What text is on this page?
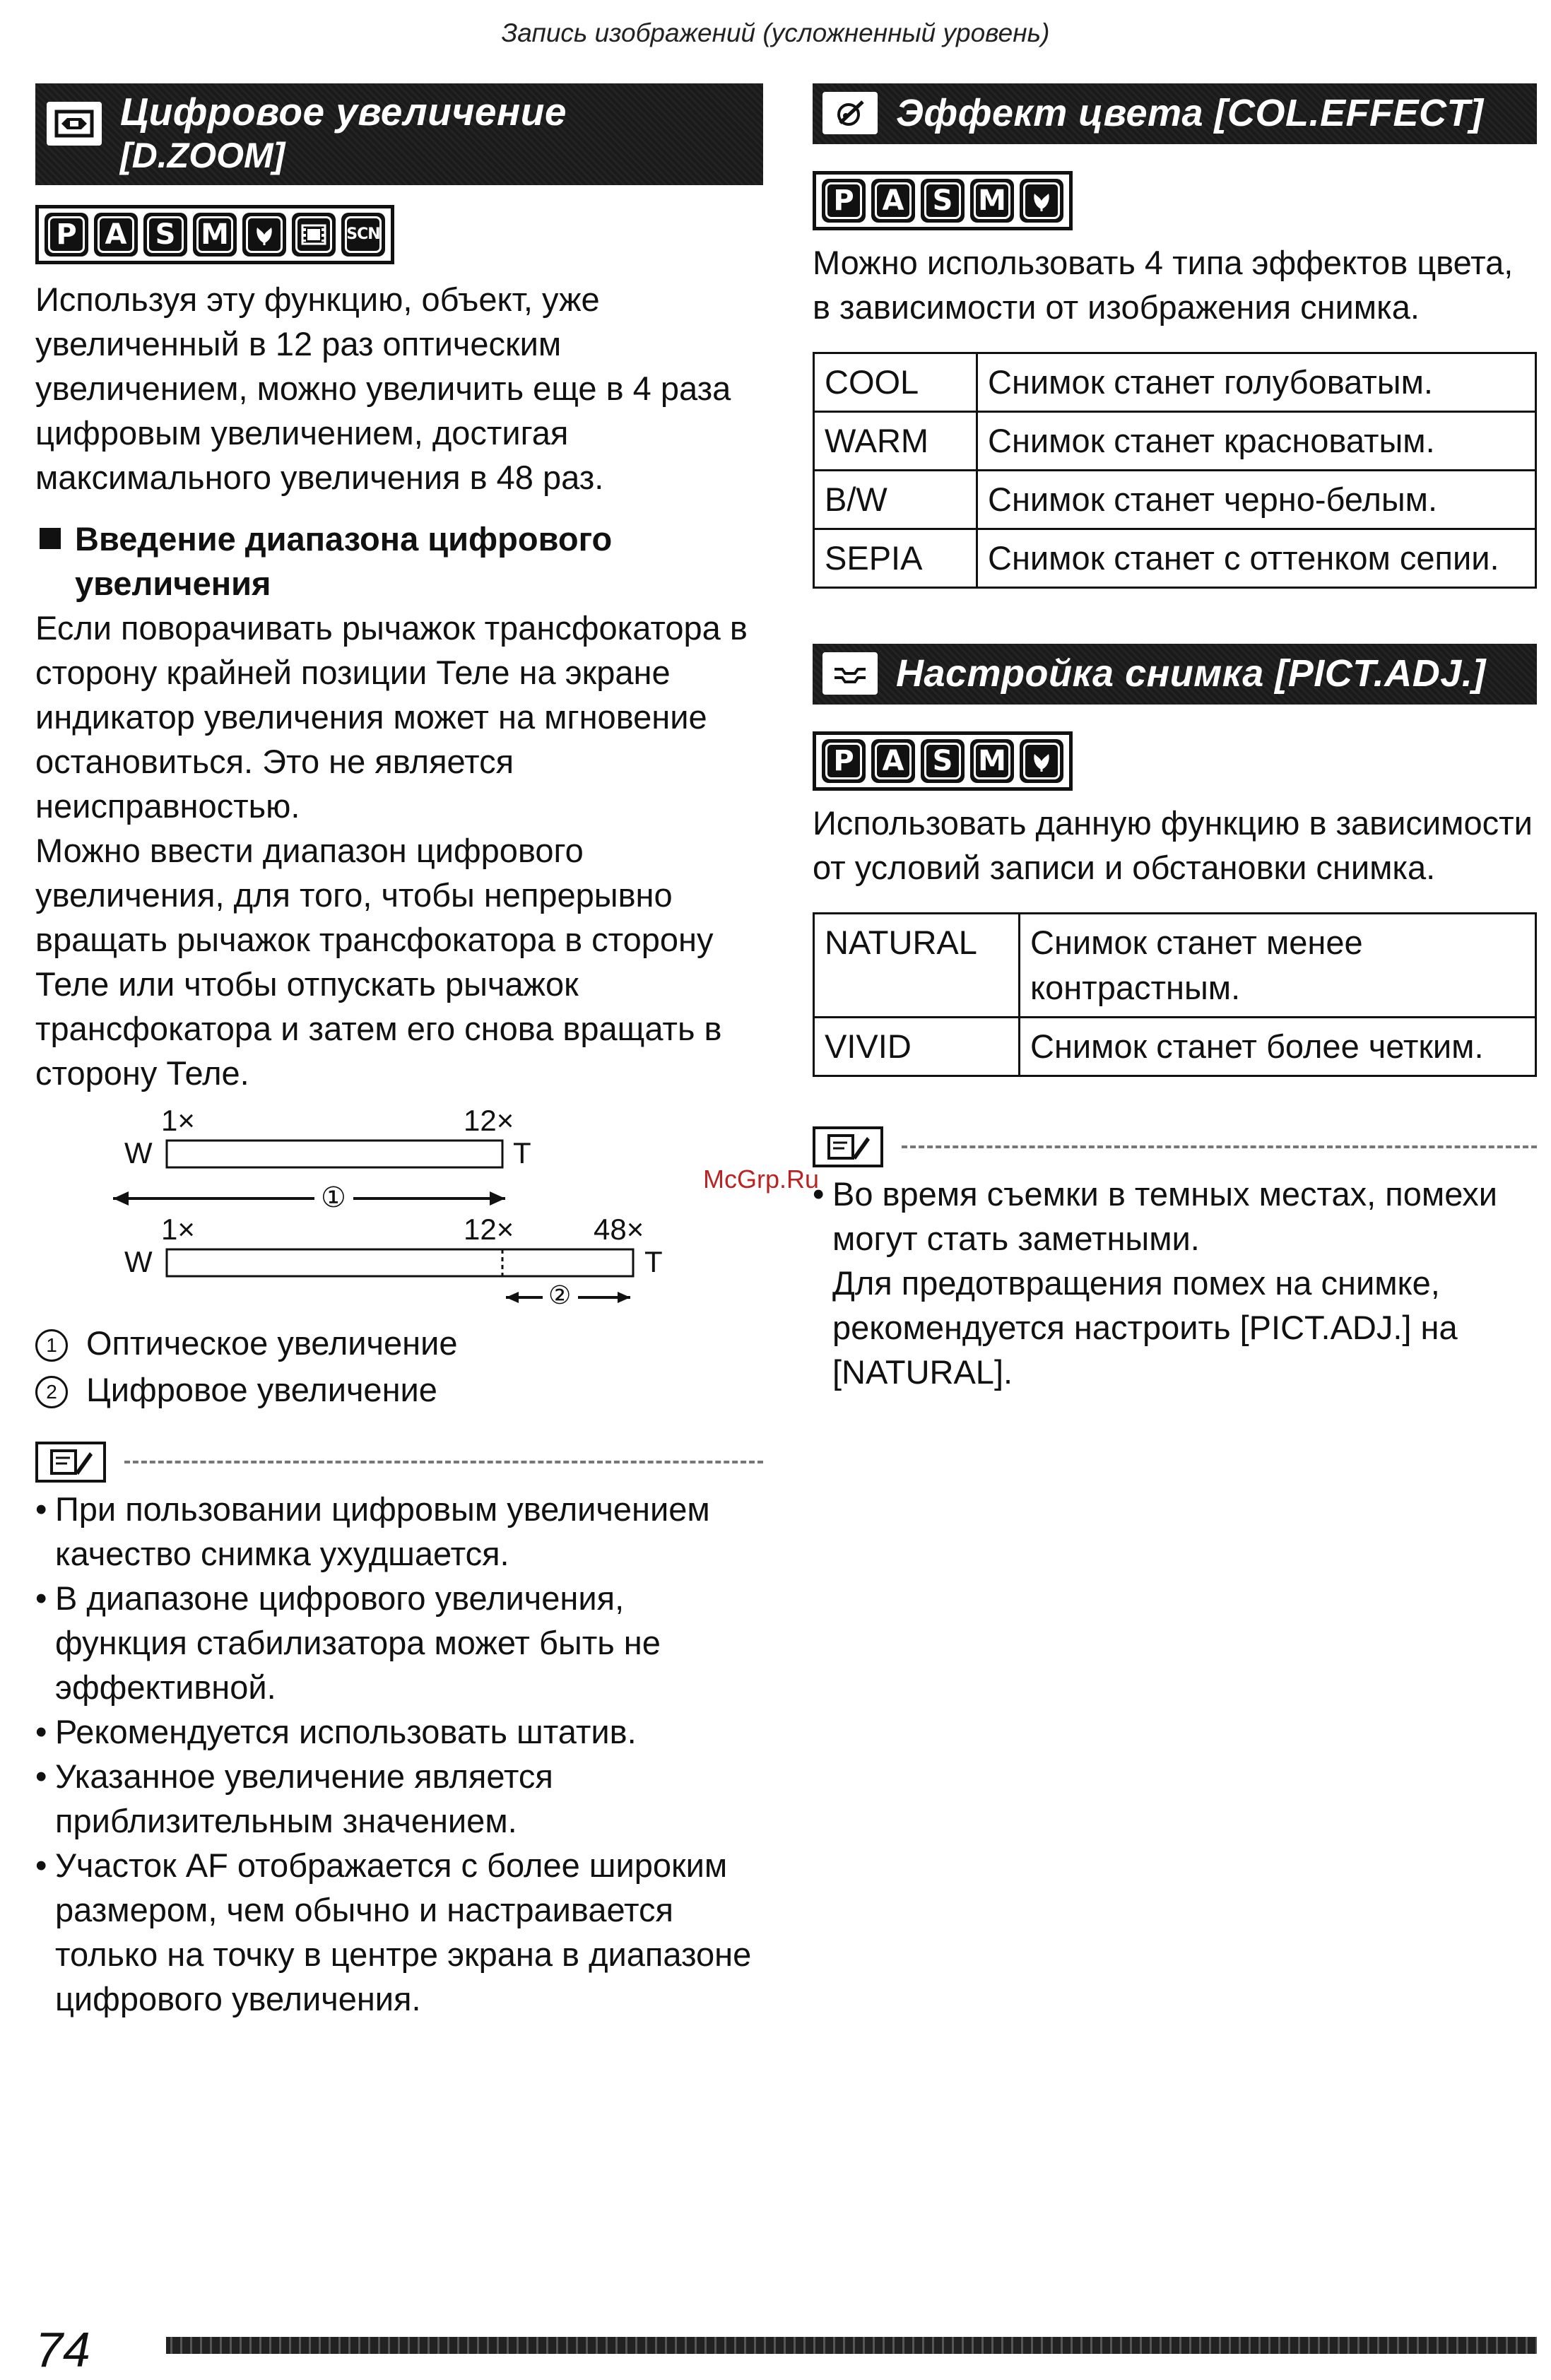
Запись изображений (усложненный уровень)
Цифровое увеличение
[D.ZOOM]
P A S M	SCN

Используя эту функцию, объект, уже увеличенный в 12 раз оптическим увеличением, можно увеличить еще в 4 раза цифровым увеличением, достигая максимального увеличения в 48 раз.

Введение диапазона цифрового
увеличения

Если поворачивать рычажок трансфокатора в сторону крайней позиции Теле на экране индикатор увеличения может на мгновение остановиться. Это не является неисправностью.

Можно ввести диапазон цифрового увеличения, для того, чтобы непрерывно вращать рычажок трансфокатора в сторону Теле или чтобы отпускать рычажок трансфокатора и затем его снова вращать в сторону Теле.

1×	12×
W	T
①
1×	12×	48×
W	T
②

1 Оптическое увеличение

2 Цифровое увеличение

• При пользовании цифровым увеличением качество снимка ухудшается.
• В диапазоне цифрового увеличения, функция стабилизатора может быть не эффективной.
• Рекомендуется использовать штатив.
• Указанное увеличение является приблизительным значением.
• Участок AF отображается с более широким размером, чем обычно и настраивается только на точку в центре экрана в диапазоне цифрового увеличения.
Эффект цвета [COL.EFFECT]
P A S M

Можно использовать 4 типа эффектов цвета, в зависимости от изображения снимка.

COOL	Снимок станет голубоватым.
WARM	Снимок станет красноватым.
B/W	Снимок станет черно-белым.
SEPIA	Снимок станет с оттенком сепии.
Настройка снимка [PICT.ADJ.]
P A S M

Использовать данную функцию в зависимости от условий записи и обстановки снимка.

NATURAL	Снимок станет менее контрастным.
VIVID	Снимок станет более четким.
• Во время съемки в темных местах, помехи могут стать заметными.
Для предотвращения помех на снимке, рекомендуется настроить [PICT.ADJ.] на [NATURAL].
McGrp.Ru
74
